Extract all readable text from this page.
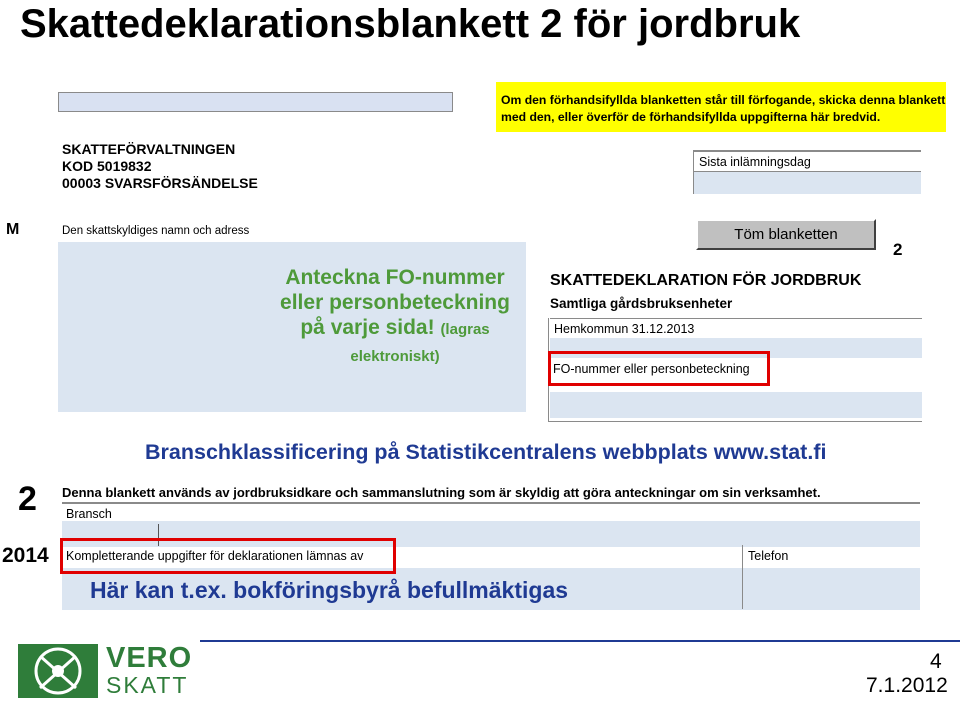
Skattedeklarationsblankett 2 för jordbruk
SKATTEFÖRVALTNINGEN
KOD 5019832
00003 SVARSFÖRSÄNDELSE
M	Den skattskyldiges namn och adress
Anteckna FO-nummer eller personbeteckning på varje sida! (lagras elektroniskt)
Om den förhandsifyllda blanketten står till förfogande, skicka denna blankett med den, eller överför de förhandsifyllda uppgifterna här bredvid.
Sista inlämningsdag
Töm blanketten
2
SKATTEDEKLARATION FÖR JORDBRUK
Samtliga gårdsbruksenheter
Hemkommun 31.12.2013
FO-nummer eller personbeteckning
Branschklassificering på Statistikcentralens webbplats www.stat.fi
2
2014
Denna blankett används av jordbruksidkare och sammanslutning som är skyldig att göra anteckningar om sin verksamhet.
Bransch
Kompletterande uppgifter för deklarationen lämnas av	Telefon
Här kan t.ex. bokföringsbyrå befullmäktigas
VERO
SKATT
4
7.1.2012
